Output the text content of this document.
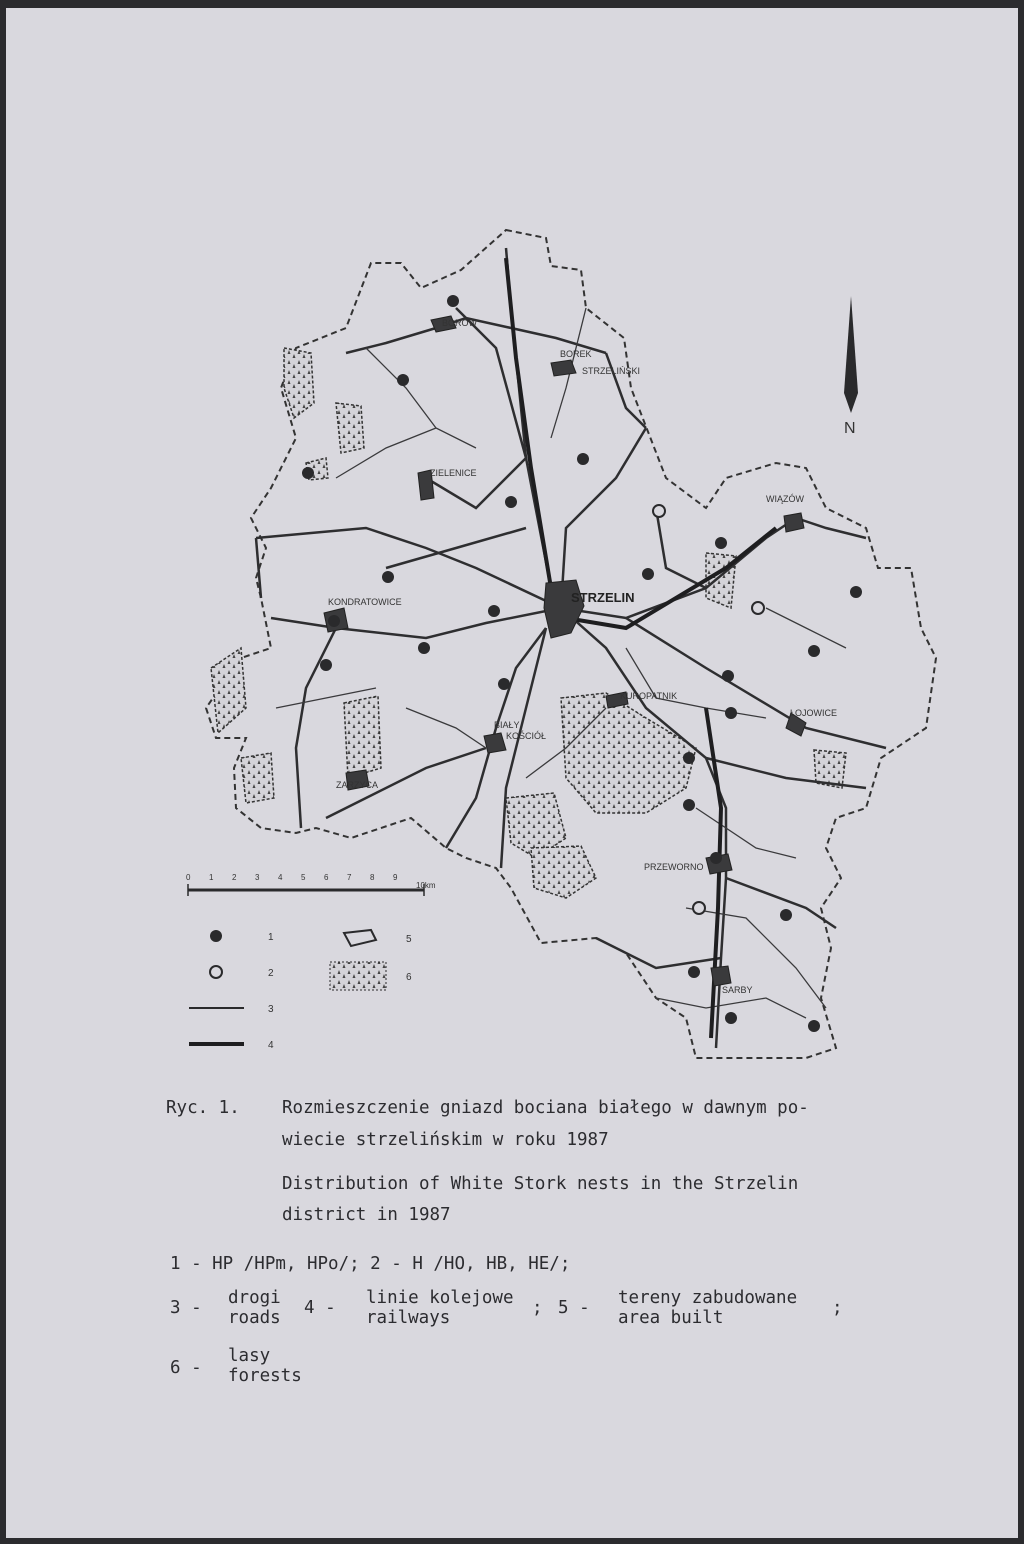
BORÓW
BOREK
STRZELIŃSKI
ZIELENICE
WIĄZÓW
STRZELIN
KONDRATOWICE
KUROPATNIK
ŁOJOWICE
BIAŁY
KOŚCIÓŁ
ZARZYCA
PRZEWORNO
SARBY
N
0 1 2 3 4 5 6 7 8 9
10km
1
2
3
4
5
6
Ryc. 1. Rozmieszczenie gniazd bociana białego w dawnym po-
wiecie strzelińskim w roku 1987
Distribution of White Stork nests in the Strzelin
district in 1987
1 - HP /HPm, HPo/; 2 - H /HO, HB, HE/;
3 - drogi
roads 4 - linie kolejowe
railways	; 5 - tereny zabudowane
area built	;
6 -
lasy
forests
